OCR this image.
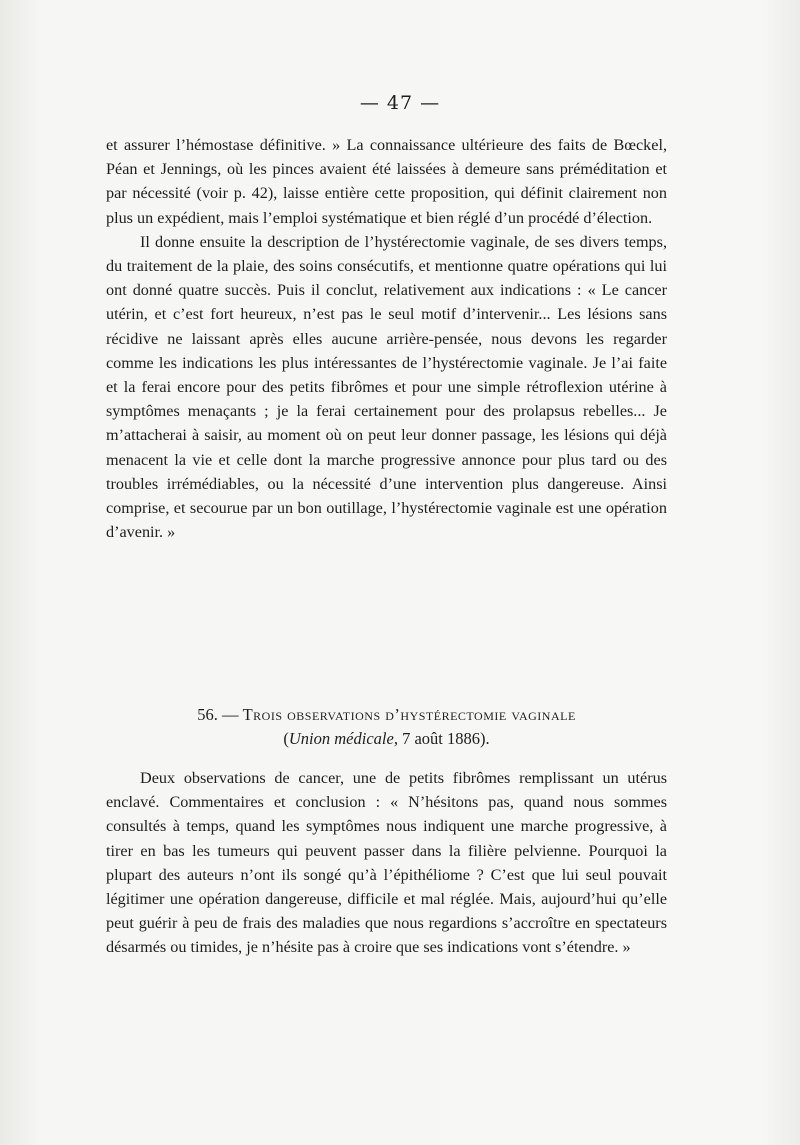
— 47 —

et assurer l’hémostase définitive. » La connaissance ultérieure des faits de Bœckel, Péan et Jennings, où les pinces avaient été laissées à demeure sans préméditation et par nécessité (voir p. 42), laisse entière cette proposition, qui définit clairement non plus un expédient, mais l’emploi systématique et bien réglé d’un procédé d’élection.

Il donne ensuite la description de l’hystérectomie vaginale, de ses divers temps, du traitement de la plaie, des soins consécutifs, et mentionne quatre opérations qui lui ont donné quatre succès. Puis il conclut, relativement aux indications : « Le cancer utérin, et c’est fort heureux, n’est pas le seul motif d’intervenir... Les lésions sans récidive ne laissant après elles aucune arrière-pensée, nous devons les regarder comme les indications les plus intéressantes de l’hystérectomie vaginale. Je l’ai faite et la ferai encore pour des petits fibrômes et pour une simple rétroflexion utérine à symptômes menaçants ; je la ferai certainement pour des prolapsus rebelles... Je m’attacherai à saisir, au moment où on peut leur donner passage, les lésions qui déjà menacent la vie et celle dont la marche progressive annonce pour plus tard ou des troubles irrémédiables, ou la nécessité d’une intervention plus dangereuse. Ainsi comprise, et secourue par un bon outillage, l’hystérectomie vaginale est une opération d’avenir. »

56. — Trois observations d’hystérectomie vaginale
(Union médicale, 7 août 1886).

Deux observations de cancer, une de petits fibrômes remplissant un utérus enclavé. Commentaires et conclusion : « N’hésitons pas, quand nous sommes consultés à temps, quand les symptômes nous indiquent une marche progressive, à tirer en bas les tumeurs qui peuvent passer dans la filière pelvienne. Pourquoi la plupart des auteurs n’ont ils songé qu’à l’épithéliome ? C’est que lui seul pouvait légitimer une opération dangereuse, difficile et mal réglée. Mais, aujourd’hui qu’elle peut guérir à peu de frais des maladies que nous regardions s’accroître en spectateurs désarmés ou timides, je n’hésite pas à croire que ses indications vont s’étendre. »
